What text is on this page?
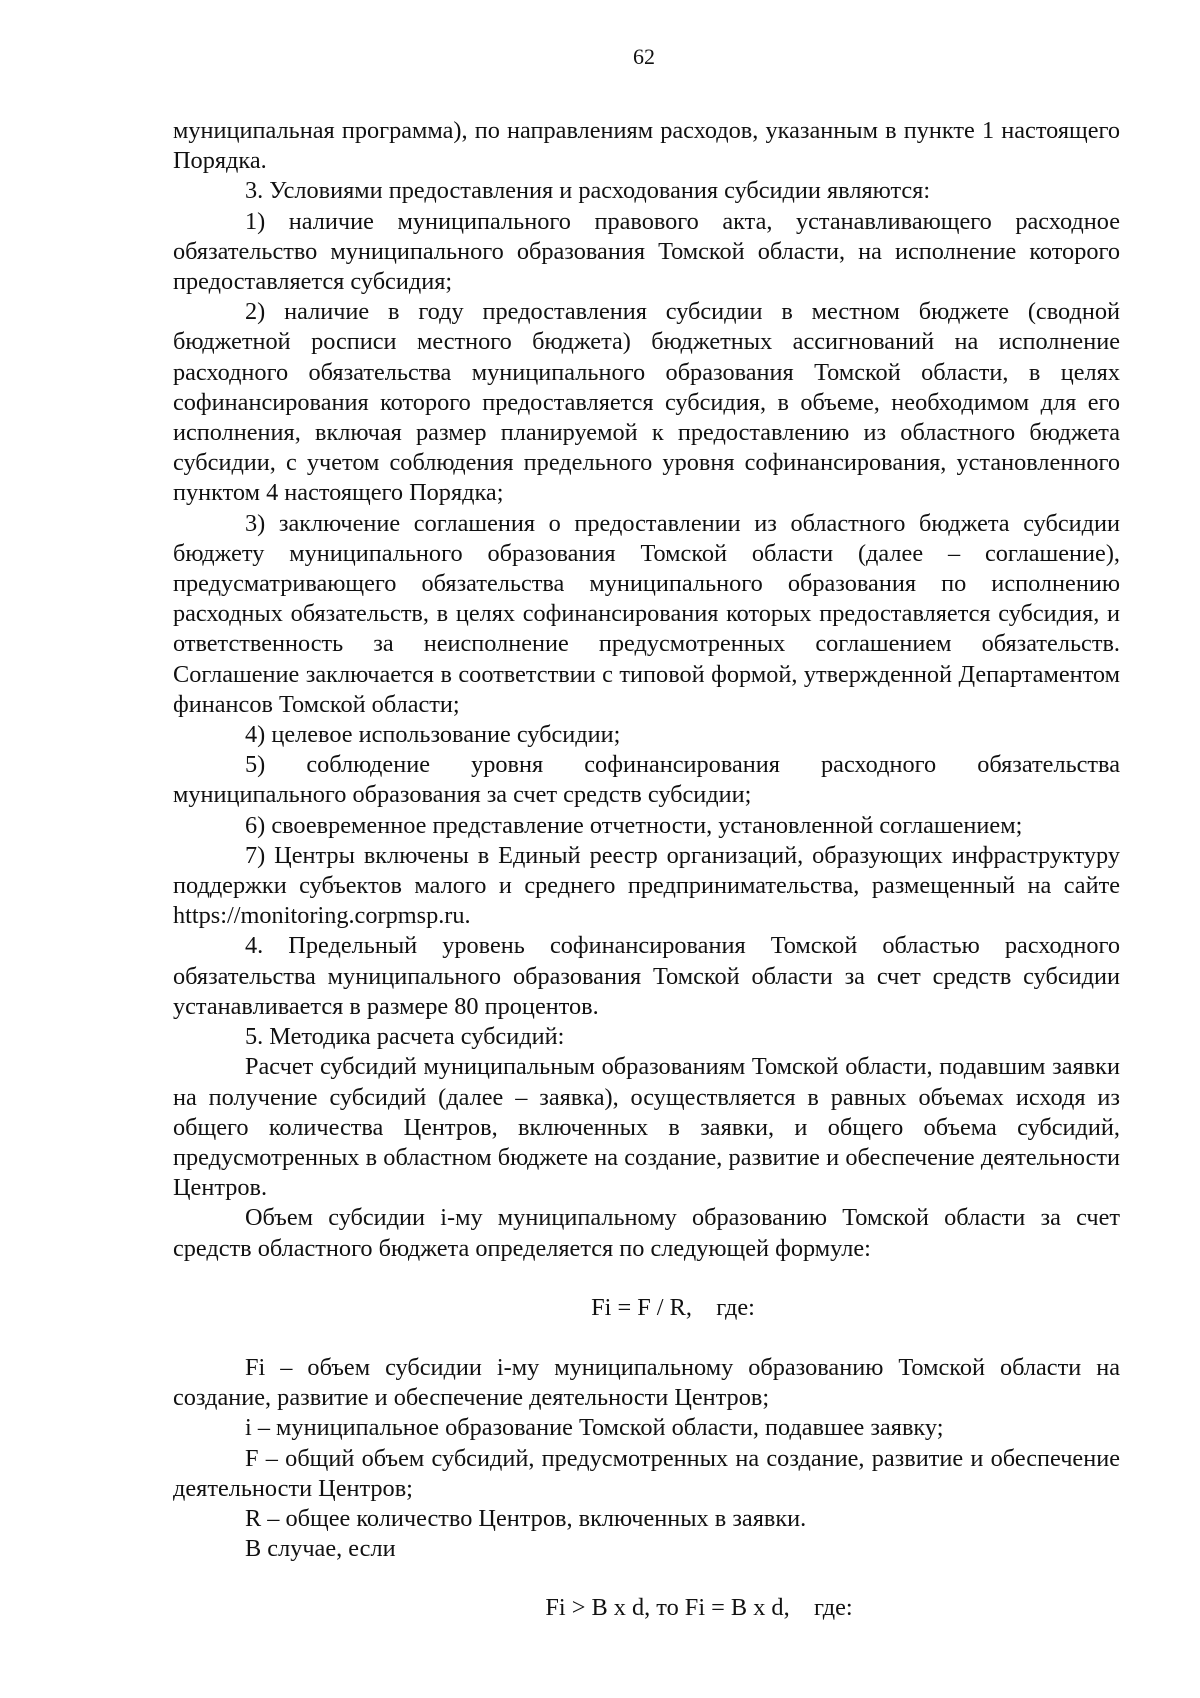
62

муниципальная программа), по направлениям расходов, указанным в пункте 1 настоящего Порядка.

3. Условиями предоставления и расходования субсидии являются:

1) наличие муниципального правового акта, устанавливающего расходное обязательство муниципального образования Томской области, на исполнение которого предоставляется субсидия;

2) наличие в году предоставления субсидии в местном бюджете (сводной бюджетной росписи местного бюджета) бюджетных ассигнований на исполнение расходного обязательства муниципального образования Томской области, в целях софинансирования которого предоставляется субсидия, в объеме, необходимом для его исполнения, включая размер планируемой к предоставлению из областного бюджета субсидии, с учетом соблюдения предельного уровня софинансирования, установленного пунктом 4 настоящего Порядка;

3) заключение соглашения о предоставлении из областного бюджета субсидии бюджету муниципального образования Томской области (далее – соглашение), предусматривающего обязательства муниципального образования по исполнению расходных обязательств, в целях софинансирования которых предоставляется субсидия, и ответственность за неисполнение предусмотренных соглашением обязательств. Соглашение заключается в соответствии с типовой формой, утвержденной Департаментом финансов Томской области;

4) целевое использование субсидии;

5) соблюдение уровня софинансирования расходного обязательства муниципального образования за счет средств субсидии;

6) своевременное представление отчетности, установленной соглашением;

7) Центры включены в Единый реестр организаций, образующих инфраструктуру поддержки субъектов малого и среднего предпринимательства, размещенный на сайте https://monitoring.corpmsp.ru.

4. Предельный уровень софинансирования Томской областью расходного обязательства муниципального образования Томской области за счет средств субсидии устанавливается в размере 80 процентов.

5. Методика расчета субсидий:

Расчет субсидий муниципальным образованиям Томской области, подавшим заявки на получение субсидий (далее – заявка), осуществляется в равных объемах исходя из общего количества Центров, включенных в заявки, и общего объема субсидий, предусмотренных в областном бюджете на создание, развитие и обеспечение деятельности Центров.

Объем субсидии i-му муниципальному образованию Томской области за счет средств областного бюджета определяется по следующей формуле:

Fi = F / R,    где:

Fi – объем субсидии i-му муниципальному образованию Томской области на создание, развитие и обеспечение деятельности Центров;

i – муниципальное образование Томской области, подавшее заявку;

F – общий объем субсидий, предусмотренных на создание, развитие и обеспечение деятельности Центров;

R – общее количество Центров, включенных в заявки.

В случае, если

Fi > B x d, то Fi = B x d,    где:
